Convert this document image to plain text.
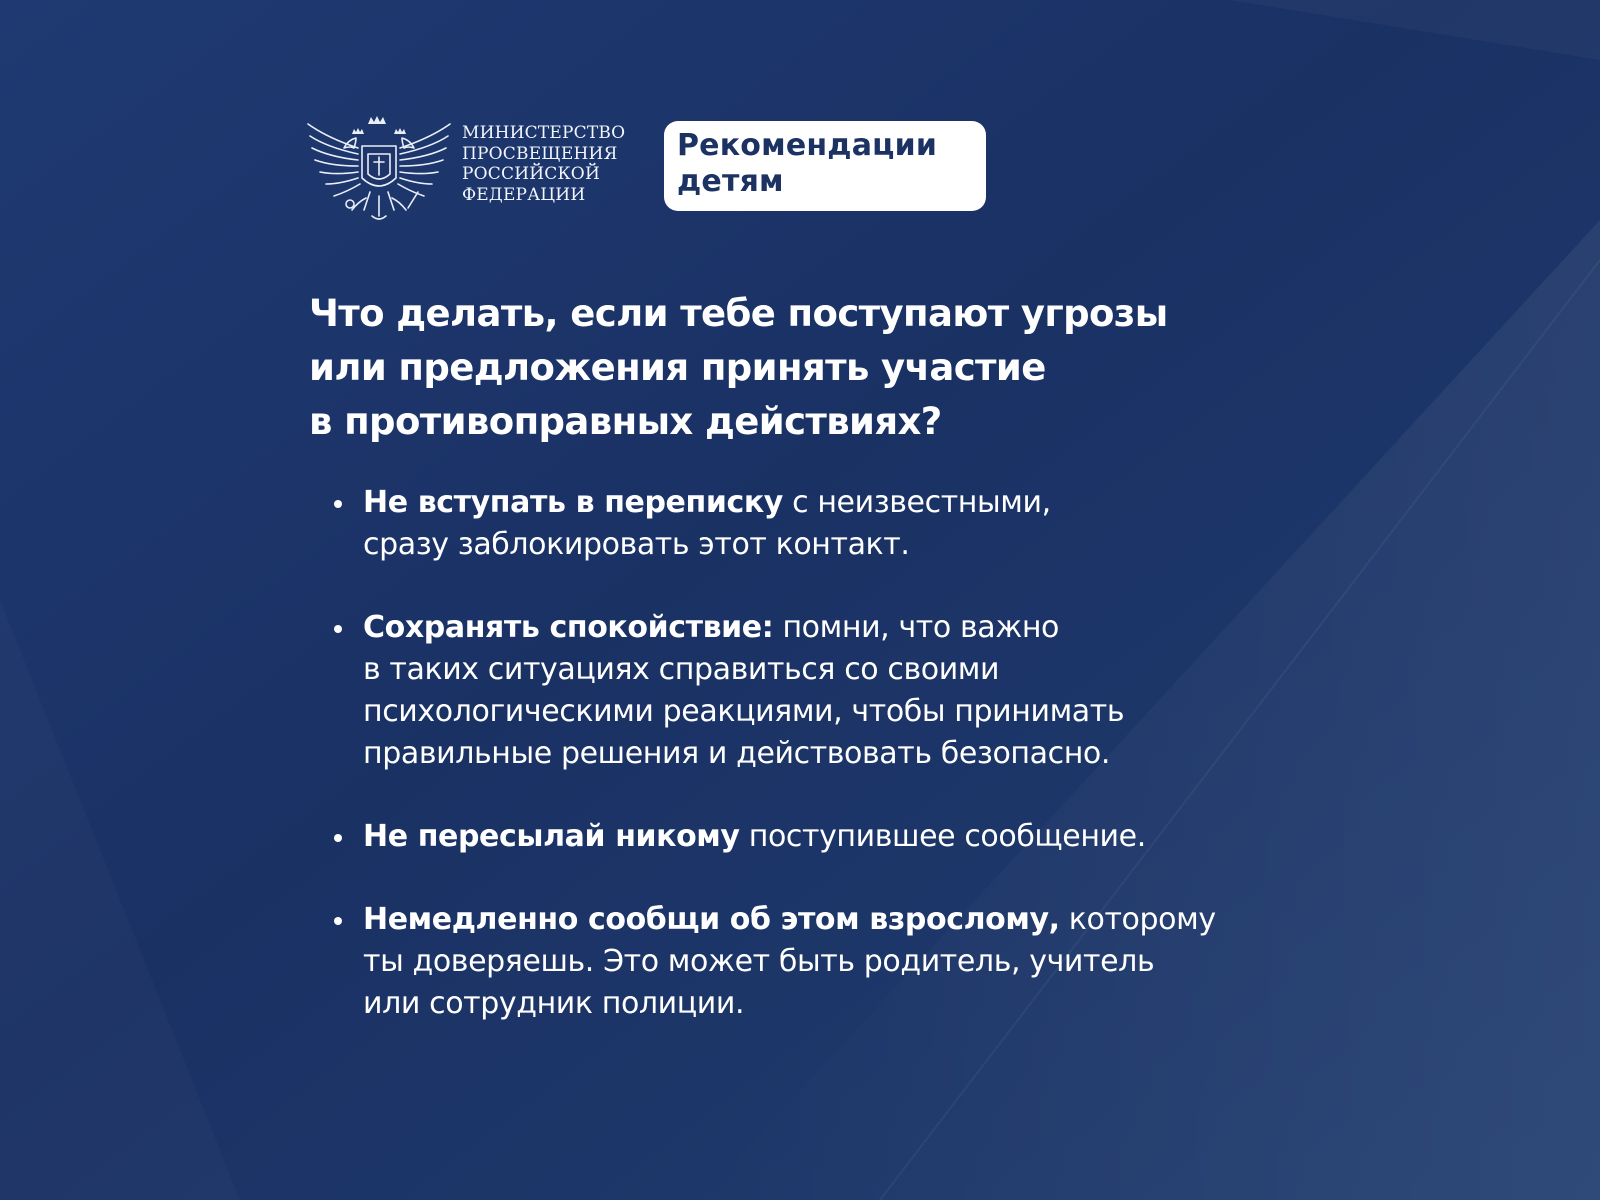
МИНИСТЕРСТВО
ПРОСВЕЩЕНИЯ
РОССИЙСКОЙ
ФЕДЕРАЦИИ
Рекомендации
детям
Что делать, если тебе поступают угрозы
или предложения принять участие
в противоправных действиях?
Не вступать в переписку с неизвестными,
сразу заблокировать этот контакт.
Сохранять спокойствие: помни, что важно
в таких ситуациях справиться со своими
психологическими реакциями, чтобы принимать
правильные решения и действовать безопасно.
Не пересылай никому поступившее сообщение.
Немедленно сообщи об этом взрослому, которому
ты доверяешь. Это может быть родитель, учитель
или сотрудник полиции.
